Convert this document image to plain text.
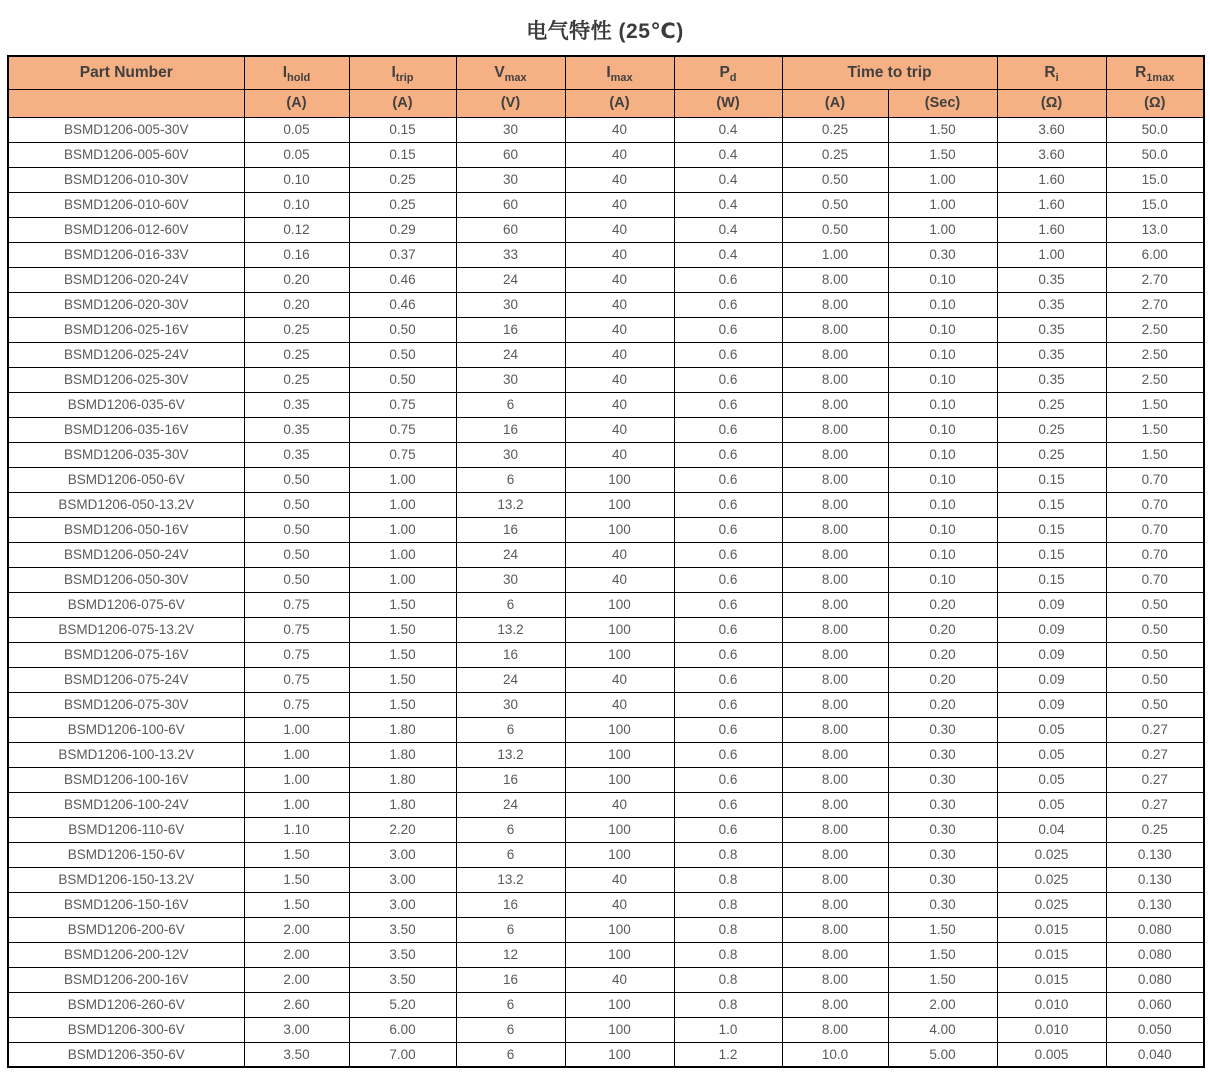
电气特性 (25℃)
Part Number	$I_{hold}$	$I_{trip}$	$V_{max}$	$I_{max}$	$P_d$	Time to trip		$R_i$	$R_{1max}$
	(A)	(A)	(V)	(A)	(W)	(A)	(Sec)	(Ω)	(Ω)
BSMD1206-005-30V	0.05	0.15	30	40	0.4	0.25	1.50	3.60	50.0
BSMD1206-005-60V	0.05	0.15	60	40	0.4	0.25	1.50	3.60	50.0
BSMD1206-010-30V	0.10	0.25	30	40	0.4	0.50	1.00	1.60	15.0
BSMD1206-010-60V	0.10	0.25	60	40	0.4	0.50	1.00	1.60	15.0
BSMD1206-012-60V	0.12	0.29	60	40	0.4	0.50	1.00	1.60	13.0
BSMD1206-016-33V	0.16	0.37	33	40	0.4	1.00	0.30	1.00	6.00
BSMD1206-020-24V	0.20	0.46	24	40	0.6	8.00	0.10	0.35	2.70
BSMD1206-020-30V	0.20	0.46	30	40	0.6	8.00	0.10	0.35	2.70
BSMD1206-025-16V	0.25	0.50	16	40	0.6	8.00	0.10	0.35	2.50
BSMD1206-025-24V	0.25	0.50	24	40	0.6	8.00	0.10	0.35	2.50
BSMD1206-025-30V	0.25	0.50	30	40	0.6	8.00	0.10	0.35	2.50
BSMD1206-035-6V	0.35	0.75	6	40	0.6	8.00	0.10	0.25	1.50
BSMD1206-035-16V	0.35	0.75	16	40	0.6	8.00	0.10	0.25	1.50
BSMD1206-035-30V	0.35	0.75	30	40	0.6	8.00	0.10	0.25	1.50
BSMD1206-050-6V	0.50	1.00	6	100	0.6	8.00	0.10	0.15	0.70
BSMD1206-050-13.2V	0.50	1.00	13.2	100	0.6	8.00	0.10	0.15	0.70
BSMD1206-050-16V	0.50	1.00	16	100	0.6	8.00	0.10	0.15	0.70
BSMD1206-050-24V	0.50	1.00	24	40	0.6	8.00	0.10	0.15	0.70
BSMD1206-050-30V	0.50	1.00	30	40	0.6	8.00	0.10	0.15	0.70
BSMD1206-075-6V	0.75	1.50	6	100	0.6	8.00	0.20	0.09	0.50
BSMD1206-075-13.2V	0.75	1.50	13.2	100	0.6	8.00	0.20	0.09	0.50
BSMD1206-075-16V	0.75	1.50	16	100	0.6	8.00	0.20	0.09	0.50
BSMD1206-075-24V	0.75	1.50	24	40	0.6	8.00	0.20	0.09	0.50
BSMD1206-075-30V	0.75	1.50	30	40	0.6	8.00	0.20	0.09	0.50
BSMD1206-100-6V	1.00	1.80	6	100	0.6	8.00	0.30	0.05	0.27
BSMD1206-100-13.2V	1.00	1.80	13.2	100	0.6	8.00	0.30	0.05	0.27
BSMD1206-100-16V	1.00	1.80	16	100	0.6	8.00	0.30	0.05	0.27
BSMD1206-100-24V	1.00	1.80	24	40	0.6	8.00	0.30	0.05	0.27
BSMD1206-110-6V	1.10	2.20	6	100	0.6	8.00	0.30	0.04	0.25
BSMD1206-150-6V	1.50	3.00	6	100	0.8	8.00	0.30	0.025	0.130
BSMD1206-150-13.2V	1.50	3.00	13.2	40	0.8	8.00	0.30	0.025	0.130
BSMD1206-150-16V	1.50	3.00	16	40	0.8	8.00	0.30	0.025	0.130
BSMD1206-200-6V	2.00	3.50	6	100	0.8	8.00	1.50	0.015	0.080
BSMD1206-200-12V	2.00	3.50	12	100	0.8	8.00	1.50	0.015	0.080
BSMD1206-200-16V	2.00	3.50	16	40	0.8	8.00	1.50	0.015	0.080
BSMD1206-260-6V	2.60	5.20	6	100	0.8	8.00	2.00	0.010	0.060
BSMD1206-300-6V	3.00	6.00	6	100	1.0	8.00	4.00	0.010	0.050
BSMD1206-350-6V	3.50	7.00	6	100	1.2	10.0	5.00	0.005	0.040
